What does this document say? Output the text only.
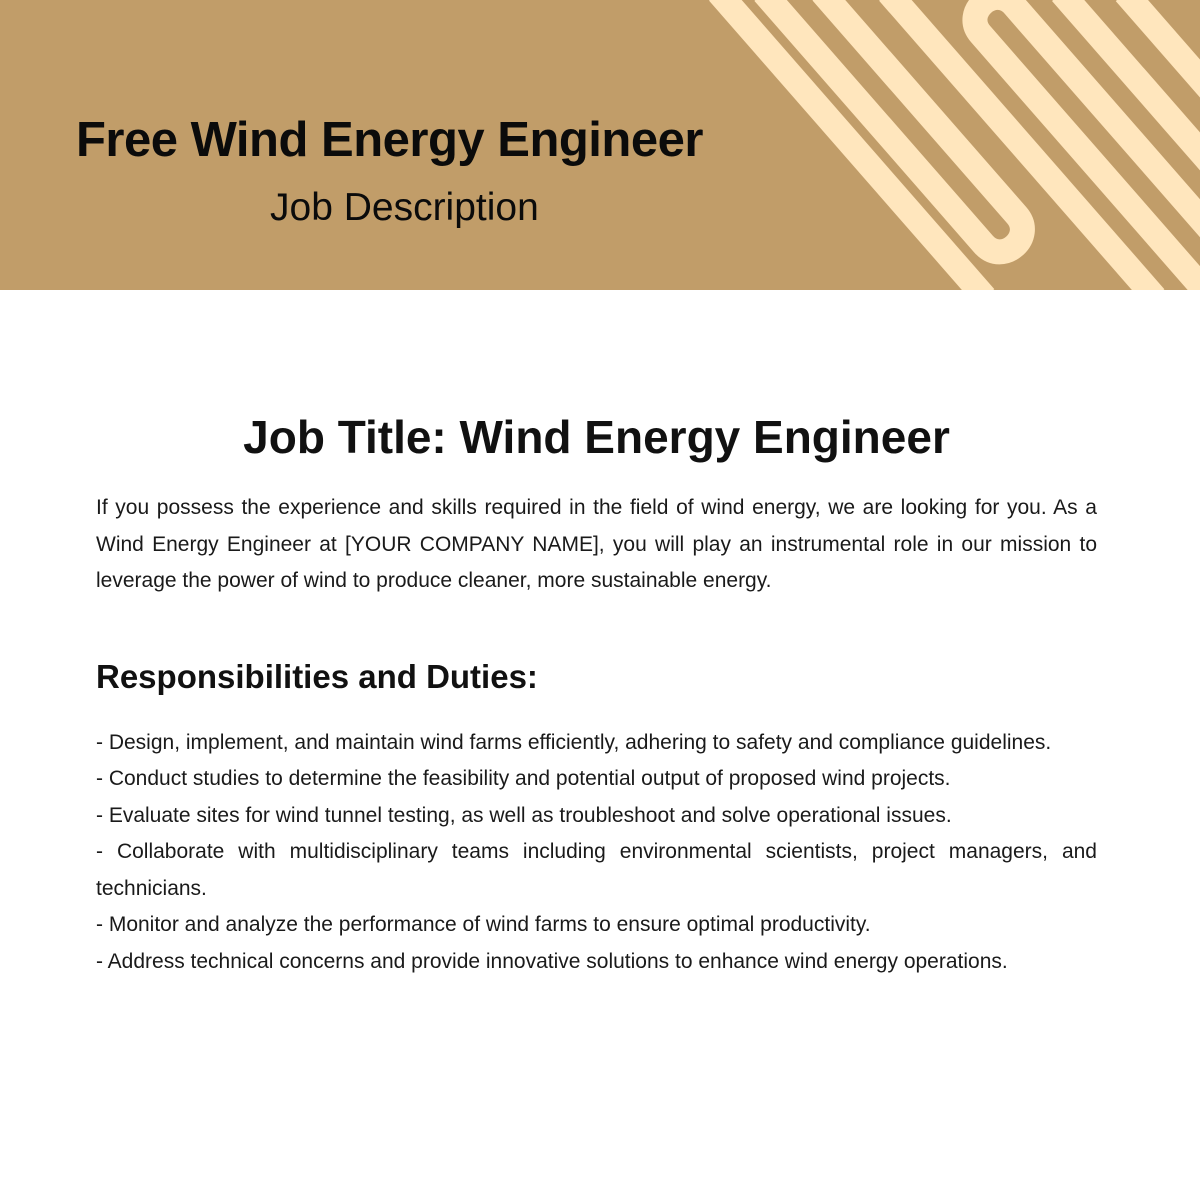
Free Wind Energy Engineer
Job Description
Job Title: Wind Energy Engineer

If you possess the experience and skills required in the field of wind energy, we are looking for you. As a Wind Energy Engineer at [YOUR COMPANY NAME], you will play an instrumental role in our mission to leverage the power of wind to produce cleaner, more sustainable energy.

Responsibilities and Duties:
- Design, implement, and maintain wind farms efficiently, adhering to safety and compliance guidelines.
- Conduct studies to determine the feasibility and potential output of proposed wind projects.
- Evaluate sites for wind tunnel testing, as well as troubleshoot and solve operational issues.
- Collaborate with multidisciplinary teams including environmental scientists, project managers, and technicians.
- Monitor and analyze the performance of wind farms to ensure optimal productivity.
- Address technical concerns and provide innovative solutions to enhance wind energy operations.
